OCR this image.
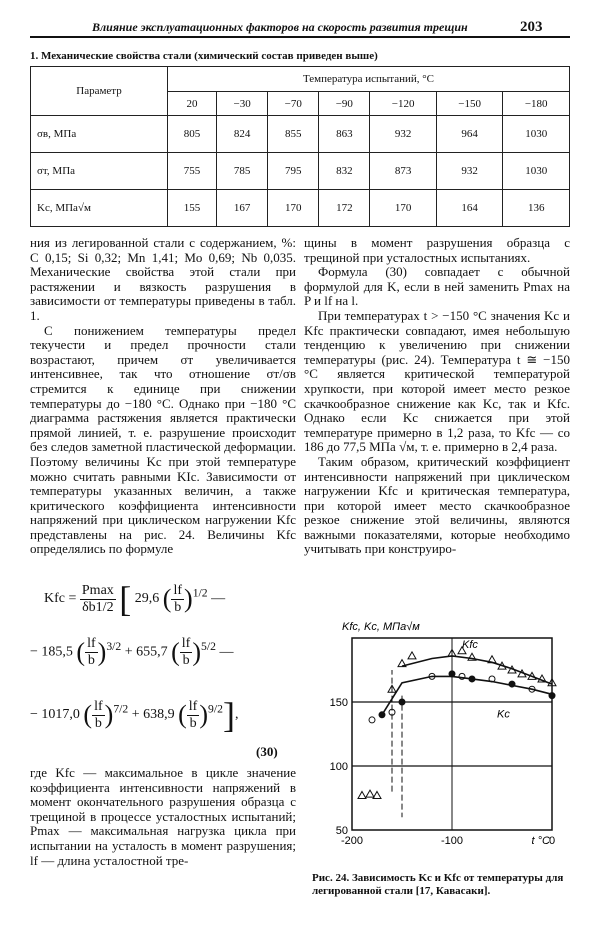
Влияние эксплуатационных факторов на скорость развития трещин	203
1. Механические свойства стали (химический состав приведен выше)
Параметр	Температура испытаний, °С						
	20	−30	−70	−90	−120	−150	−180
σв, МПа	805	824	855	863	932	964	1030
σт, МПа	755	785	795	832	873	932	1030
Kc, МПа√м	155	167	170	172	170	164	136

ния из легированной стали с содержанием, %: С 0,15; Si 0,32; Mn 1,41; Mo 0,69; Nb 0,035. Механические свойства этой стали при растяжении и вязкость разрушения в зависимости от температуры приведены в табл. 1.

С понижением температуры предел текучести и предел прочности стали возрастают, причем σт увеличивается интенсивнее, так что отношение σт/σв стремится к единице при снижении температуры до −180 °С. Однако при −180 °С диаграмма растяжения является практически прямой линией, т. е. разрушение происходит без следов заметной пластической деформации. Поэтому величины Kc при этой температуре можно считать равными KIc. Зависимости от температуры указанных величин, а также критического коэффициента интенсивности напряжений при циклическом нагружении Kfc представлены на рис. 24. Величины Kfc определялись по формуле

Kfc = $\frac{Pmax}{\delta b1/2}$ [ 29,6 ( $\frac{lf}{b} )^{1/2}$ —
− 185,5 ( $\frac{lf}{b} )^{3/2} + 655,7$ ( $\frac{lf}{b} )^{5/2}$ —
− 1017,0 ( $\frac{lf}{b} )^{7/2} + 638,9$ ( $\frac{lf}{b} )^{9/2}$],
(30)

где Kfc — максимальное в цикле значение коэффициента интенсивности напряжений в момент окончательного разрушения образца с трещиной в процессе усталостных испытаний; Pmax — максимальная нагрузка цикла при испытании на усталость в момент разрушения; lf — длина усталостной тре-

щины в момент разрушения образца с трещиной при усталостных испытаниях.

Формула (30) совпадает с обычной формулой для K, если в ней заменить Pmax на P и lf на l.

При температурах t > −150 °С значения Kc и Kfc практически совпадают, имея небольшую тенденцию к увеличению при снижении температуры (рис. 24). Температура t ≅ −150 °С является критической температурой хрупкости, при которой имеет место резкое скачкообразное снижение как Kc, так и Kfc. Однако если Kc снижается при этой температуре примерно в 1,2 раза, то Kfc — со 186 до 77,5 МПа √м, т. е. примерно в 2,4 раза.

Таким образом, критический коэффициент интенсивности напряжений при циклическом нагружении Kfc и критическая температура, при которой имеет место скачкообразное резкое снижение этой величины, являются важными показателями, которые необходимо учитывать при конструиро-

50
100
150
-200	-100	0
t °C
Kfc, Kc, МПа√м
Kfc
Kc
Рис. 24. Зависимость Kc и Kfc от температуры для легированной стали [17, Кавасаки].
